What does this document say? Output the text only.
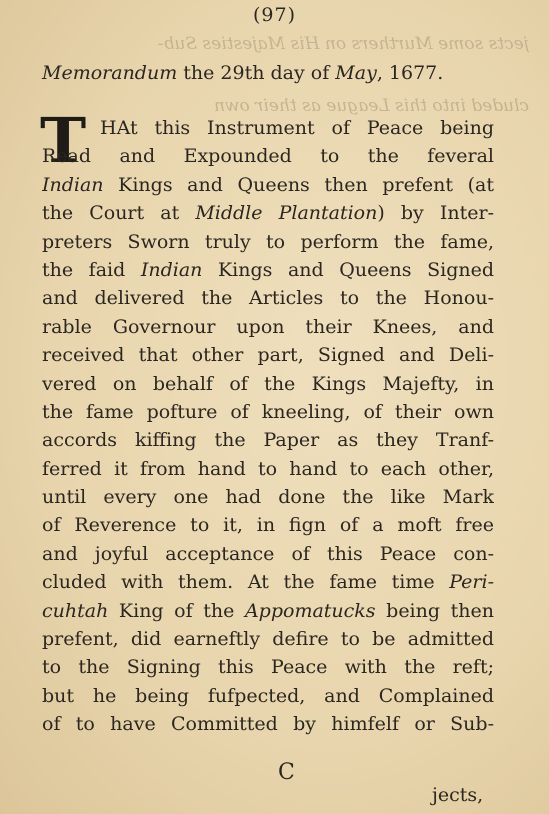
jects some Murthers on His Majesties Sub-
cluded into this League as their own
(97)
Memorandum the 29th day of May, 1677.
T HAt this Instrument of Peace being
Read and Expounded to the feveral
Indian Kings and Queens then prefent (at
the Court at Middle Plantation) by Inter-
preters Sworn truly to perform the fame,
the faid Indian Kings and Queens Signed
and delivered the Articles to the Honou-
rable Governour upon their Knees, and
received that other part, Signed and Deli-
vered on behalf of the Kings Majefty, in
the fame pofture of kneeling, of their own
accords kiffing the Paper as they Tranf-
ferred it from hand to hand to each other,
until every one had done the like Mark
of Reverence to it, in fign of a moft free
and joyful acceptance of this Peace con-
cluded with them. At the fame time Peri-
cuhtah King of the Appomatucks being then
prefent, did earneftly defire to be admitted
to the Signing this Peace with the reft;
but he being fufpected, and Complained
of to have Committed by himfelf or Sub-
C
jects,
